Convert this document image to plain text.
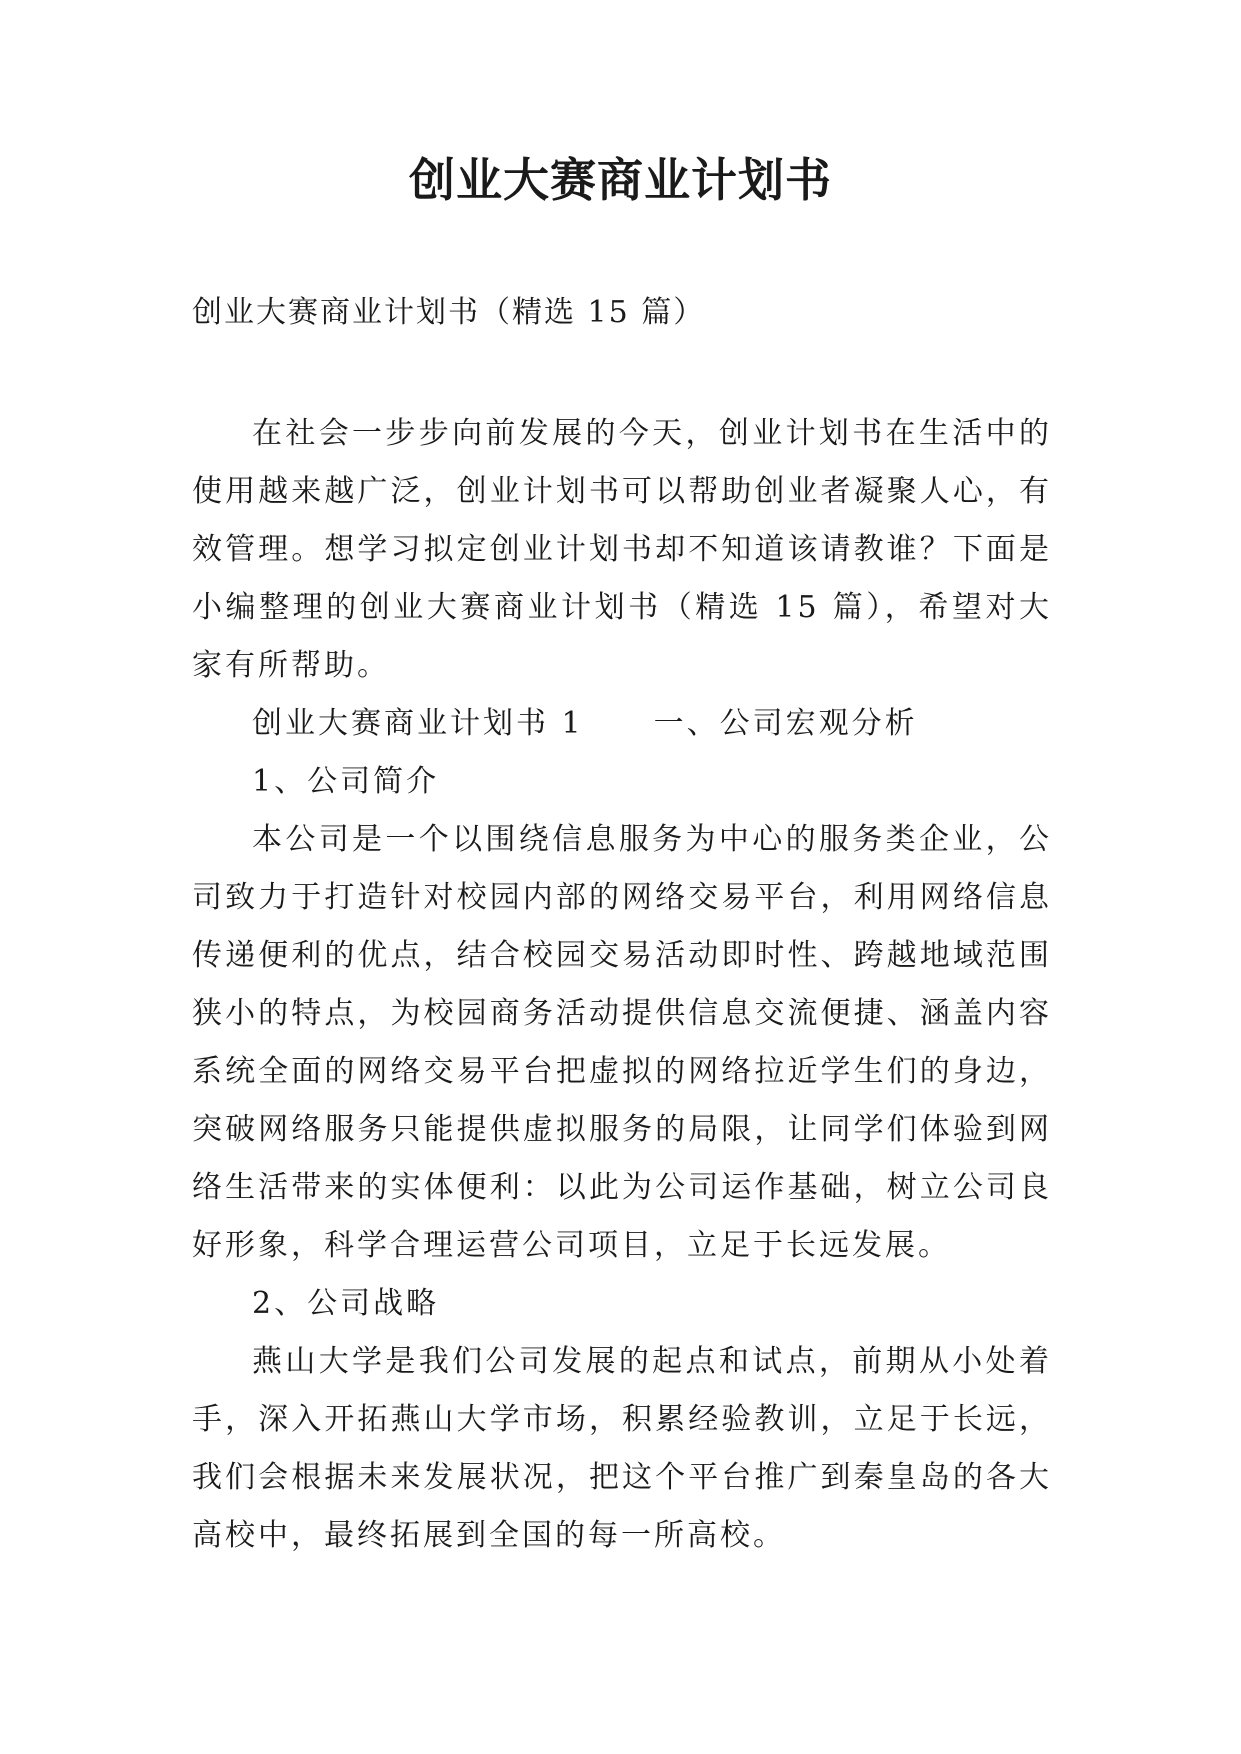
创业大赛商业计划书

创业大赛商业计划书（精选 15 篇）

在社会一步步向前发展的今天，创业计划书在生活中的使用越来越广泛，创业计划书可以帮助创业者凝聚人心，有效管理。想学习拟定创业计划书却不知道该请教谁？下面是小编整理的创业大赛商业计划书（精选 15 篇），希望对大家有所帮助。

创业大赛商业计划书 1 一、公司宏观分析

1、公司简介

本公司是一个以围绕信息服务为中心的服务类企业，公司致力于打造针对校园内部的网络交易平台，利用网络信息传递便利的优点，结合校园交易活动即时性、跨越地域范围狭小的特点，为校园商务活动提供信息交流便捷、涵盖内容系统全面的网络交易平台把虚拟的网络拉近学生们的身边，突破网络服务只能提供虚拟服务的局限，让同学们体验到网络生活带来的实体便利：以此为公司运作基础，树立公司良好形象，科学合理运营公司项目，立足于长远发展。

2、公司战略

燕山大学是我们公司发展的起点和试点，前期从小处着手，深入开拓燕山大学市场，积累经验教训，立足于长远，我们会根据未来发展状况，把这个平台推广到秦皇岛的各大高校中，最终拓展到全国的每一所高校。
